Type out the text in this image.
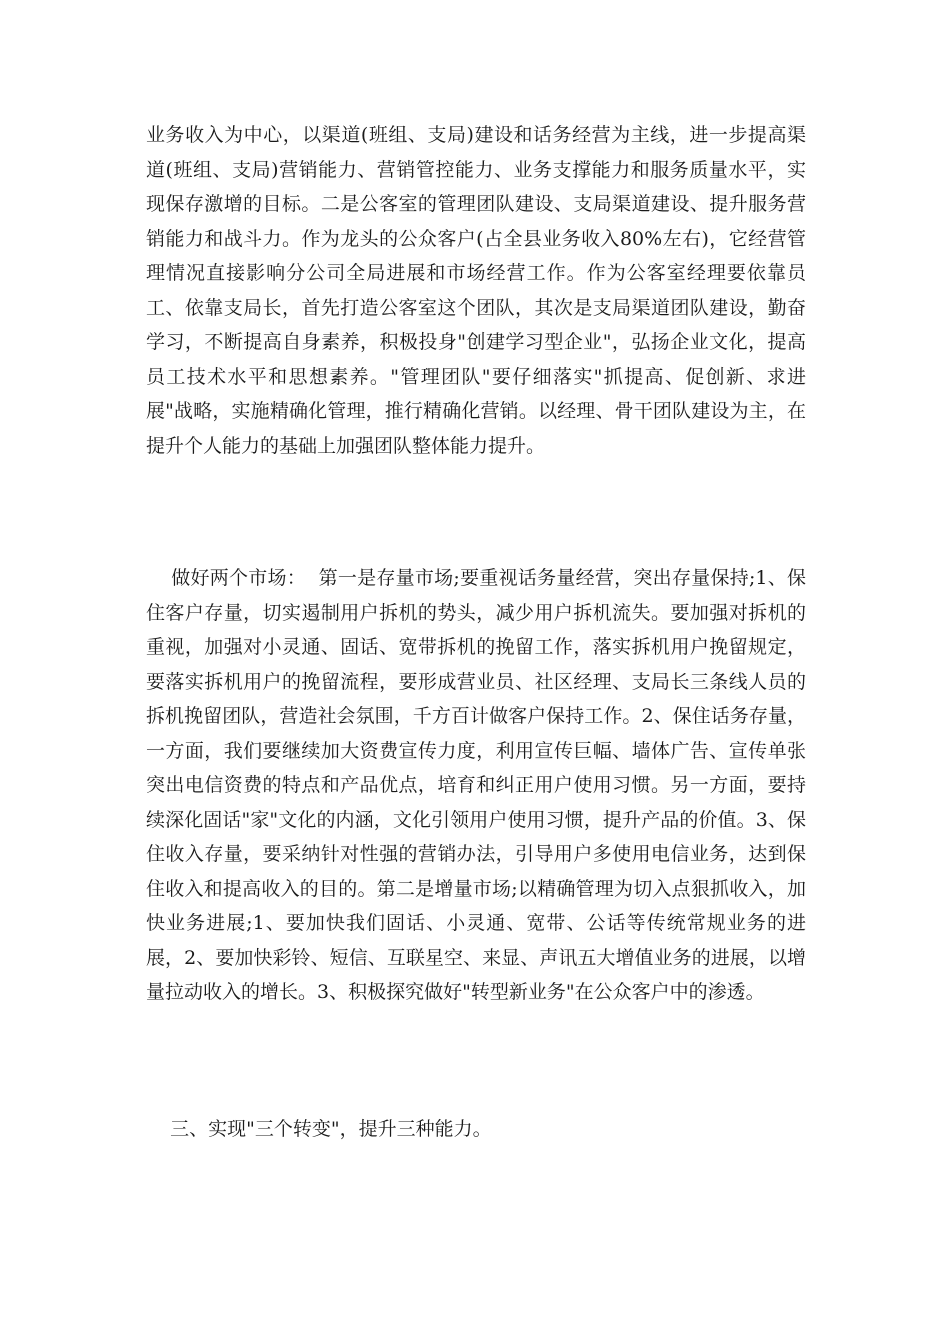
业务收入为中心，以渠道(班组、支局)建设和话务经营为主线，进一步提高渠道(班组、支局)营销能力、营销管控能力、业务支撑能力和服务质量水平，实现保存激增的目标。二是公客室的管理团队建设、支局渠道建设、提升服务营销能力和战斗力。作为龙头的公众客户(占全县业务收入80%左右)，它经营管理情况直接影响分公司全局进展和市场经营工作。作为公客室经理要依靠员工、依靠支局长，首先打造公客室这个团队，其次是支局渠道团队建设，勤奋学习，不断提高自身素养，积极投身"创建学习型企业"，弘扬企业文化，提高员工技术水平和思想素养。"管理团队"要仔细落实"抓提高、促创新、求进展"战略，实施精确化管理，推行精确化营销。以经理、骨干团队建设为主，在提升个人能力的基础上加强团队整体能力提升。

做好两个市场：  第一是存量市场;要重视话务量经营，突出存量保持;1、保住客户存量，切实遏制用户拆机的势头，减少用户拆机流失。要加强对拆机的重视，加强对小灵通、固话、宽带拆机的挽留工作，落实拆机用户挽留规定，要落实拆机用户的挽留流程，要形成营业员、社区经理、支局长三条线人员的拆机挽留团队，营造社会氛围，千方百计做客户保持工作。2、保住话务存量，一方面，我们要继续加大资费宣传力度，利用宣传巨幅、墙体广告、宣传单张突出电信资费的特点和产品优点，培育和纠正用户使用习惯。另一方面，要持续深化固话"家"文化的内涵，文化引领用户使用习惯，提升产品的价值。3、保住收入存量，要采纳针对性强的营销办法，引导用户多使用电信业务，达到保住收入和提高收入的目的。第二是增量市场;以精确管理为切入点狠抓收入，加快业务进展;1、要加快我们固话、小灵通、宽带、公话等传统常规业务的进展，2、要加快彩铃、短信、互联星空、来显、声讯五大增值业务的进展，以增量拉动收入的增长。3、积极探究做好"转型新业务"在公众客户中的渗透。

三、实现"三个转变"，提升三种能力。
